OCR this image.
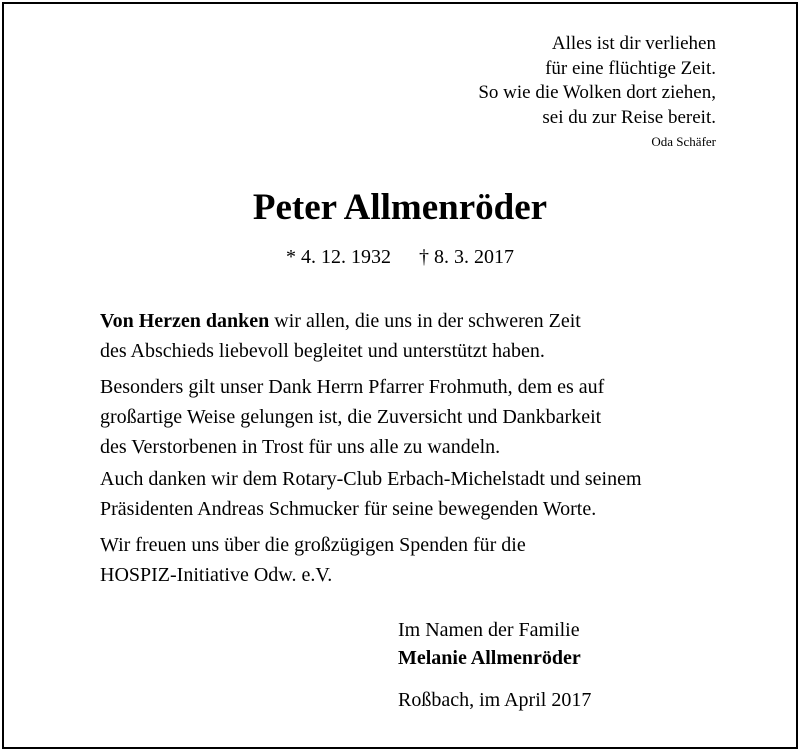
Alles ist dir verliehen
für eine flüchtige Zeit.
So wie die Wolken dort ziehen,
sei du zur Reise bereit.
Oda Schäfer
Peter Allmenröder
* 4. 12. 1932 † 8. 3. 2017
Von Herzen danken wir allen, die uns in der schweren Zeit
des Abschieds liebevoll begleitet und unterstützt haben.
Besonders gilt unser Dank Herrn Pfarrer Frohmuth, dem es auf
großartige Weise gelungen ist, die Zuversicht und Dankbarkeit
des Verstorbenen in Trost für uns alle zu wandeln.
Auch danken wir dem Rotary-Club Erbach-Michelstadt und seinem
Präsidenten Andreas Schmucker für seine bewegenden Worte.
Wir freuen uns über die großzügigen Spenden für die
HOSPIZ-Initiative Odw. e.V.
Im Namen der Familie
Melanie Allmenröder
Roßbach, im April 2017
